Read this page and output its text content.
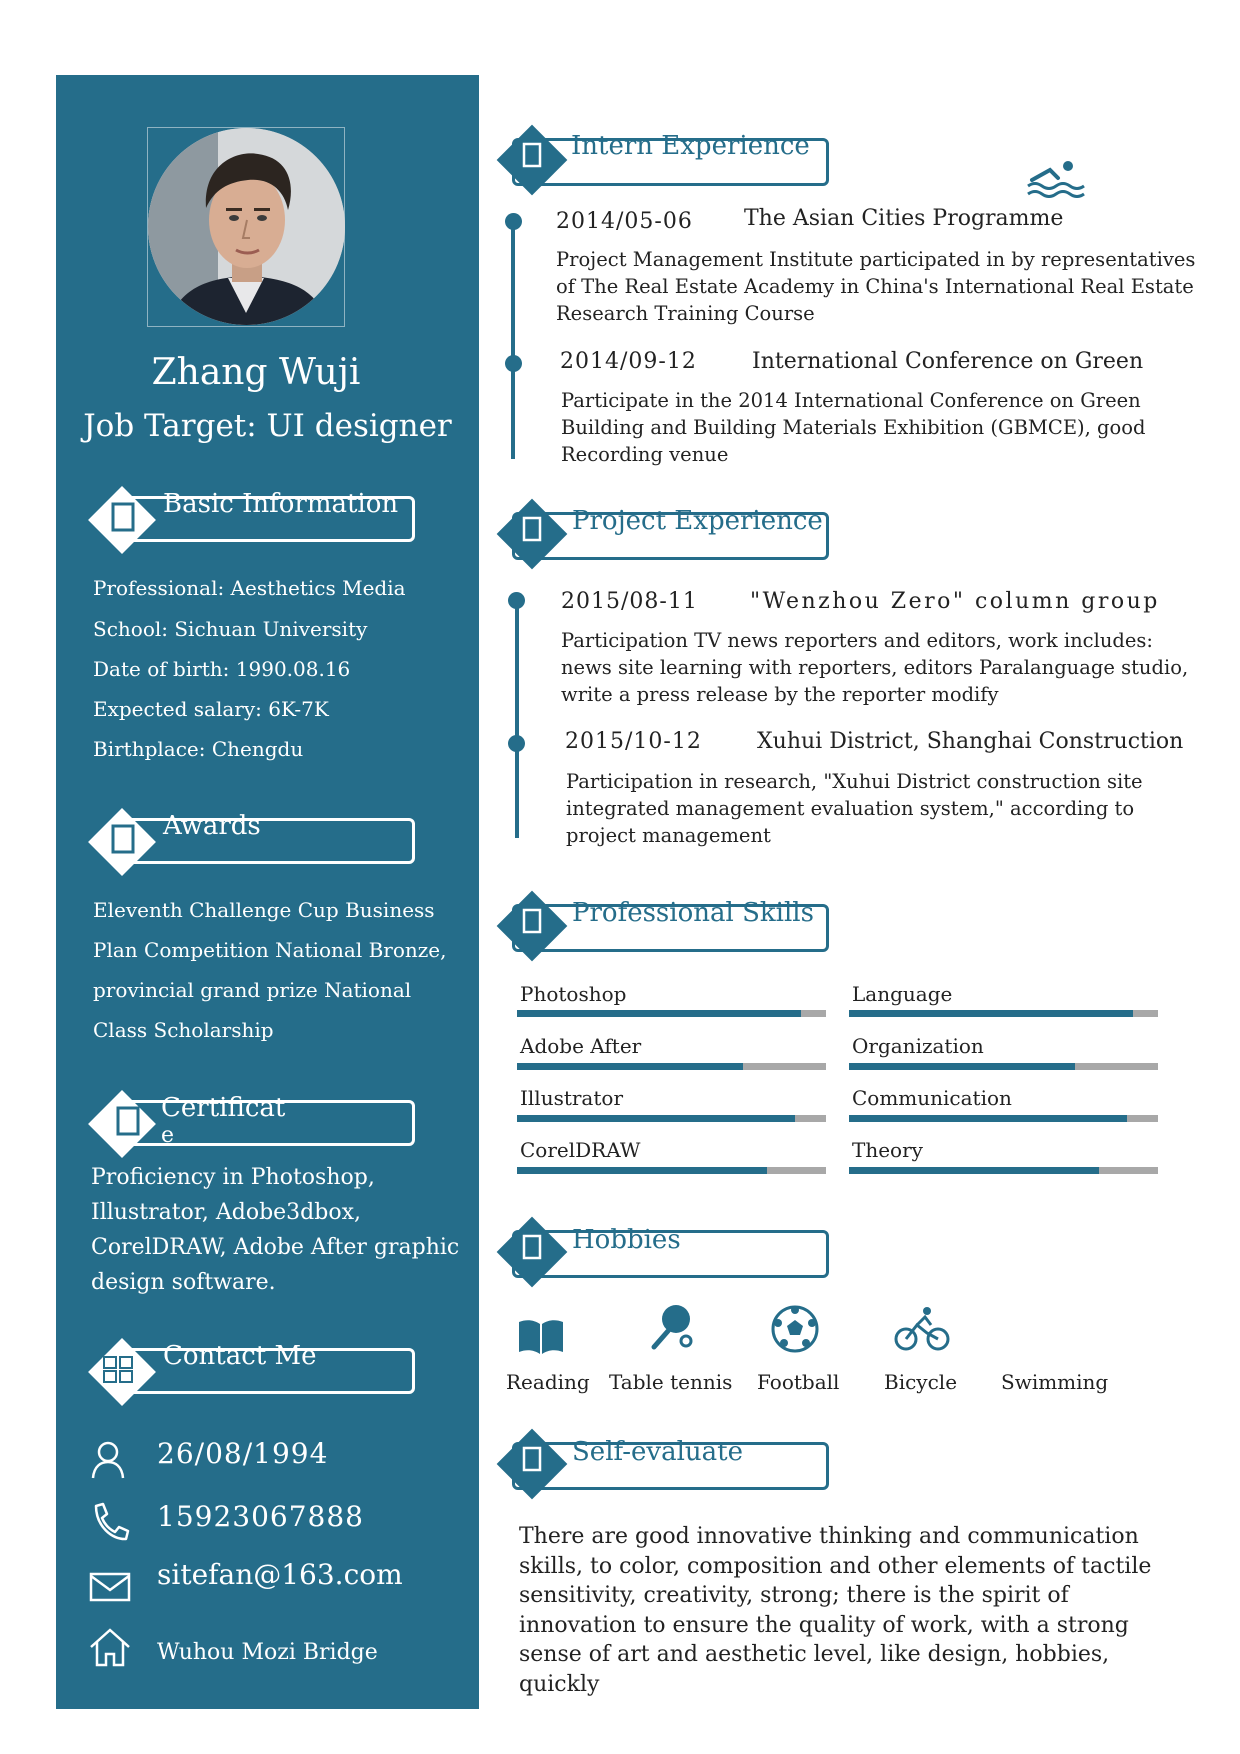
Zhang Wuji
Job Target: UI designer
Basic Information
Professional: Aesthetics Media
School: Sichuan University
Date of birth: 1990.08.16
Expected salary: 6K-7K
Birthplace: Chengdu
Awards
Eleventh Challenge Cup Business
Plan Competition National Bronze,
provincial grand prize National
Class Scholarship
Certificat
e
Proficiency in Photoshop,
Illustrator, Adobe3dbox,
CorelDRAW, Adobe After graphic
design software.
Contact Me
26/08/1994
15923067888
sitefan@163.com
Wuhou Mozi Bridge
Intern Experience
2014/05-06 The Asian Cities Programme
Project Management Institute participated in by representatives
of The Real Estate Academy in China's International Real Estate
Research Training Course
2014/09-12	International Conference on Green
Participate in the 2014 International Conference on Green
Building and Building Materials Exhibition (GBMCE), good
Recording venue
Project Experience
2015/08-11 "Wenzhou Zero" column group
Participation TV news reporters and editors, work includes:
news site learning with reporters, editors Paralanguage studio,
write a press release by the reporter modify
2015/10-12	Xuhui District, Shanghai Construction
Participation in research, "Xuhui District construction site
integrated management evaluation system," according to
project management
Professional Skills
Photoshop
Adobe After
Illustrator
CorelDRAW
Language
Organization
Communication
Theory
Hobbies
Reading Table tennis Football Bicycle Swimming
Self-evaluate
There are good innovative thinking and communication skills, to color, composition and other elements of tactile sensitivity, creativity, strong; there is the spirit of innovation to ensure the quality of work, with a strong sense of art and aesthetic level, like design, hobbies, quickly
